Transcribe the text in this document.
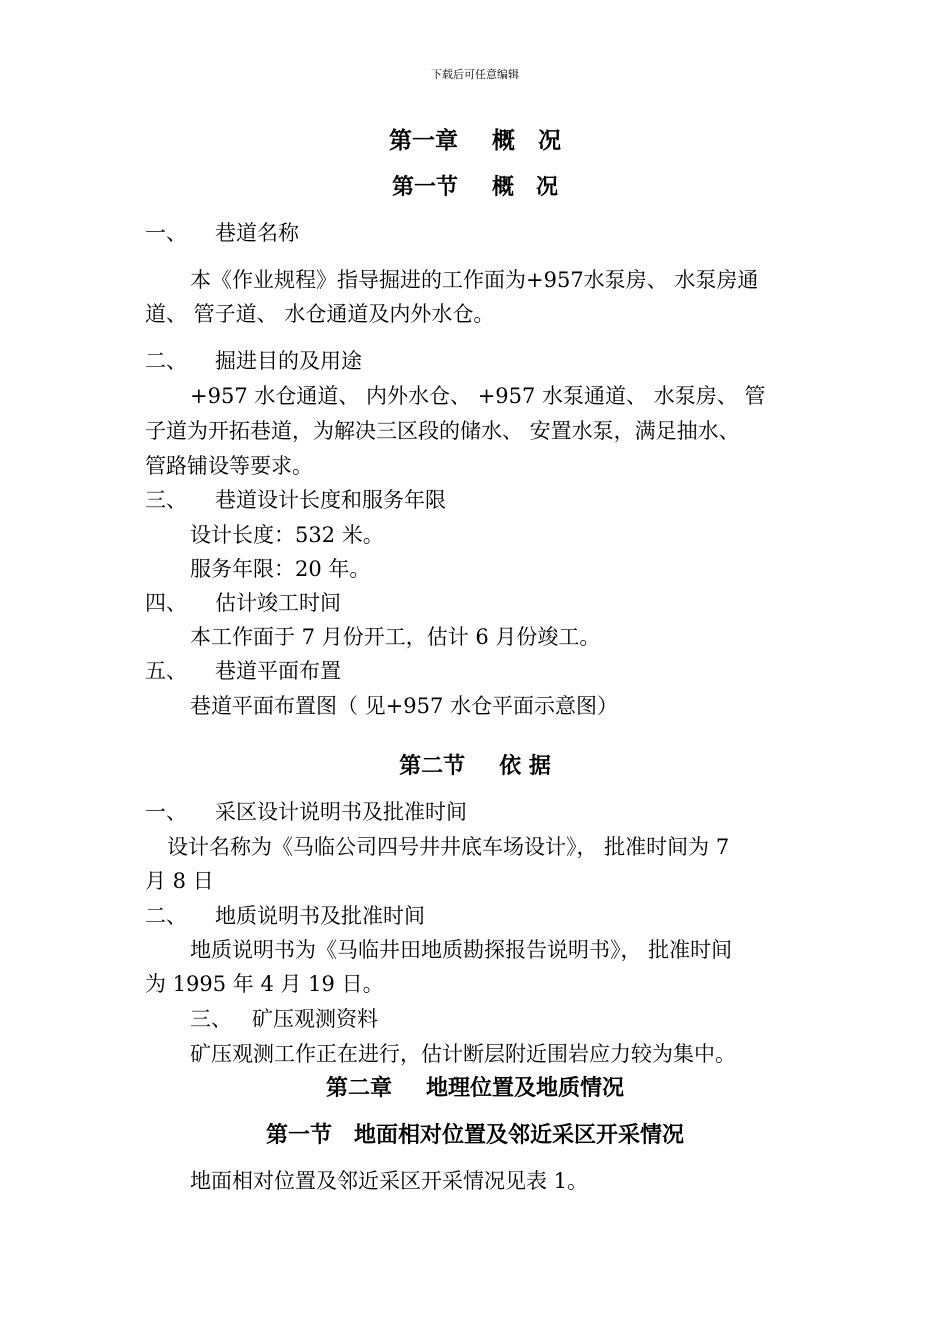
下载后可任意编辑
第一章 概　况
第一节 概　况
一、 巷道名称
本《作业规程》指导掘进的工作面为+957水泵房、 水泵房通
道、 管子道、 水仓通道及内外水仓。
二、 掘进目的及用途
+957 水仓通道、 内外水仓、 +957 水泵通道、 水泵房、 管
子道为开拓巷道，为解决三区段的储水、 安置水泵，满足抽水、
管路铺设等要求。
三、 巷道设计长度和服务年限
设计长度：532 米。
服务年限：20 年。
四、 估计竣工时间
本工作面于 7 月份开工，估计 6 月份竣工。
五、 巷道平面布置
巷道平面布置图（ 见+957 水仓平面示意图）
第二节 依 据
一、 采区设计说明书及批准时间
设计名称为《马临公司四号井井底车场设计》， 批准时间为 7
月 8 日
二、 地质说明书及批准时间
地质说明书为《马临井田地质勘探报告说明书》， 批准时间
为 1995 年 4 月 19 日。
三、 矿压观测资料
矿压观测工作正在进行，估计断层附近围岩应力较为集中。
第二章 地理位置及地质情况
第一节 地面相对位置及邻近采区开采情况
地面相对位置及邻近采区开采情况见表 1。
